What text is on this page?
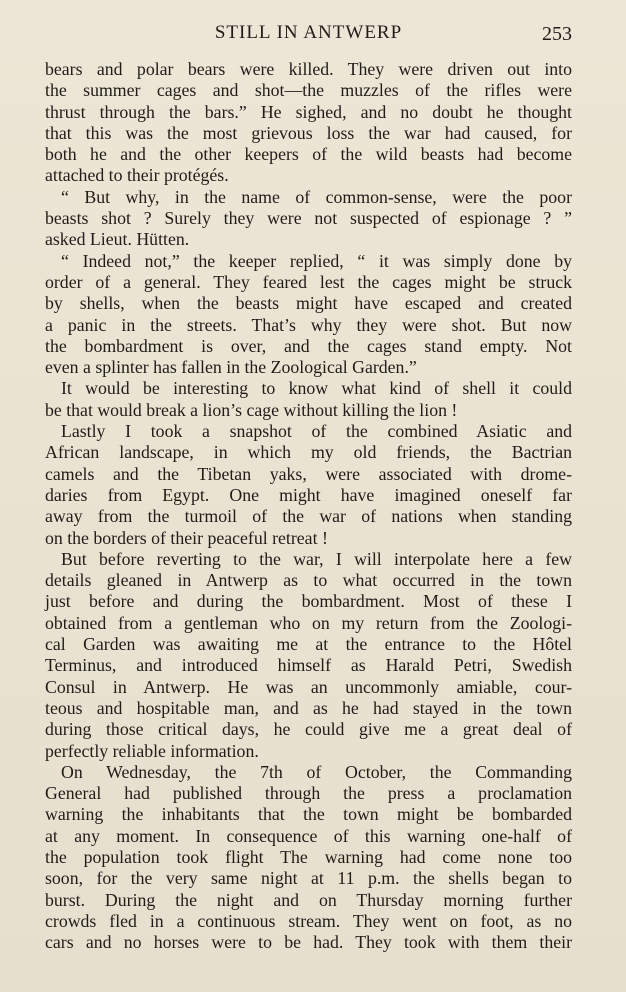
STILL IN ANTWERP	253
bears and polar bears were killed. They were driven out into
the summer cages and shot—the muzzles of the rifles were
thrust through the bars.” He sighed, and no doubt he thought
that this was the most grievous loss the war had caused, for
both he and the other keepers of the wild beasts had become
attached to their protégés.
“ But why, in the name of common-sense, were the poor
beasts shot ? Surely they were not suspected of espionage ? ”
asked Lieut. Hütten.
“ Indeed not,” the keeper replied, “ it was simply done by
order of a general. They feared lest the cages might be struck
by shells, when the beasts might have escaped and created
a panic in the streets. That’s why they were shot. But now
the bombardment is over, and the cages stand empty. Not
even a splinter has fallen in the Zoological Garden.”
It would be interesting to know what kind of shell it could
be that would break a lion’s cage without killing the lion !
Lastly I took a snapshot of the combined Asiatic and
African landscape, in which my old friends, the Bactrian
camels and the Tibetan yaks, were associated with drome-
daries from Egypt. One might have imagined oneself far
away from the turmoil of the war of nations when standing
on the borders of their peaceful retreat !
But before reverting to the war, I will interpolate here a few
details gleaned in Antwerp as to what occurred in the town
just before and during the bombardment. Most of these I
obtained from a gentleman who on my return from the Zoologi-
cal Garden was awaiting me at the entrance to the Hôtel
Terminus, and introduced himself as Harald Petri, Swedish
Consul in Antwerp. He was an uncommonly amiable, cour-
teous and hospitable man, and as he had stayed in the town
during those critical days, he could give me a great deal of
perfectly reliable information.
On Wednesday, the 7th of October, the Commanding
General had published through the press a proclamation
warning the inhabitants that the town might be bombarded
at any moment. In consequence of this warning one-half of
the population took flight The warning had come none too
soon, for the very same night at 11 p.m. the shells began to
burst. During the night and on Thursday morning further
crowds fled in a continuous stream. They went on foot, as no
cars and no horses were to be had. They took with them their
